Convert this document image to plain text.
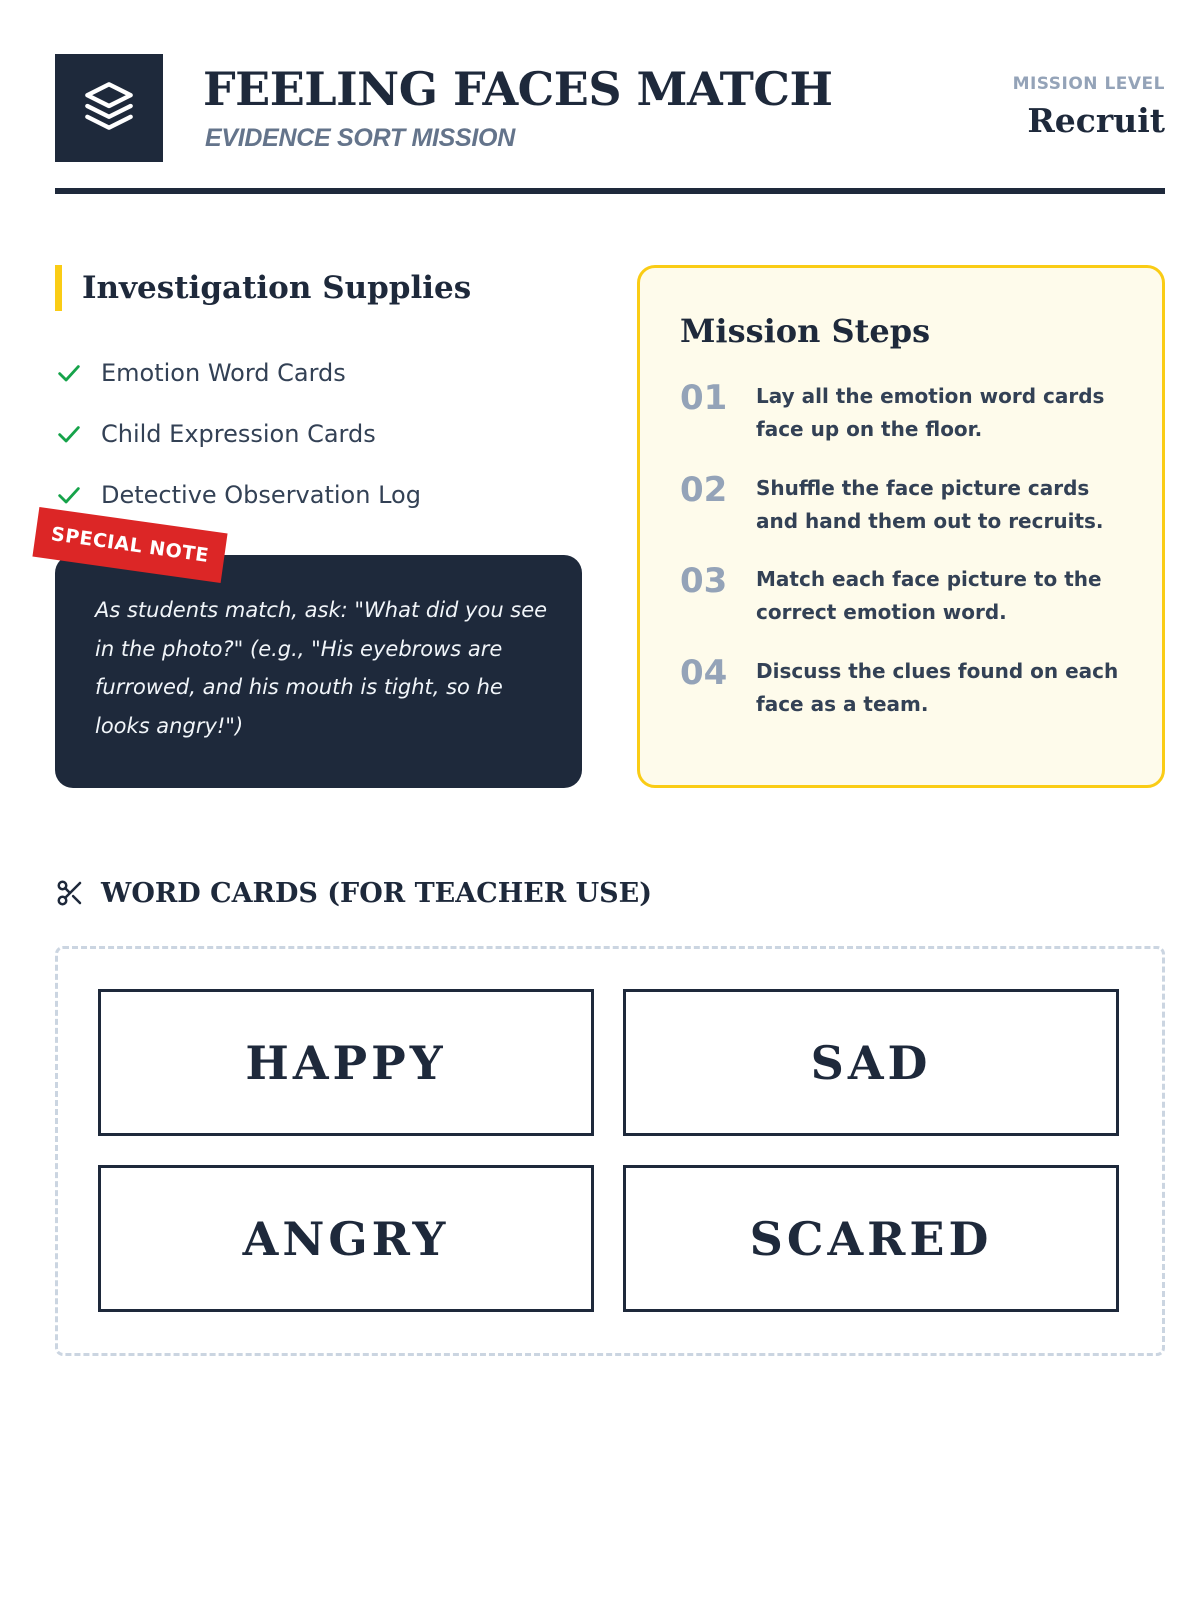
FEELING FACES MATCH
EVIDENCE SORT MISSION
MISSION LEVEL
Recruit
Investigation Supplies
Emotion Word Cards
Child Expression Cards
Detective Observation Log
As students match, ask: "What did you see in the photo?" (e.g., "His eyebrows are furrowed, and his mouth is tight, so he looks angry!")
SPECIAL NOTE
Mission Steps
01 Lay all the emotion word cards face up on the floor.
02 Shuffle the face picture cards and hand them out to recruits.
03 Match each face picture to the correct emotion word.
04 Discuss the clues found on each face as a team.
WORD CARDS (FOR TEACHER USE)
HAPPY	SAD
ANGRY	SCARED
